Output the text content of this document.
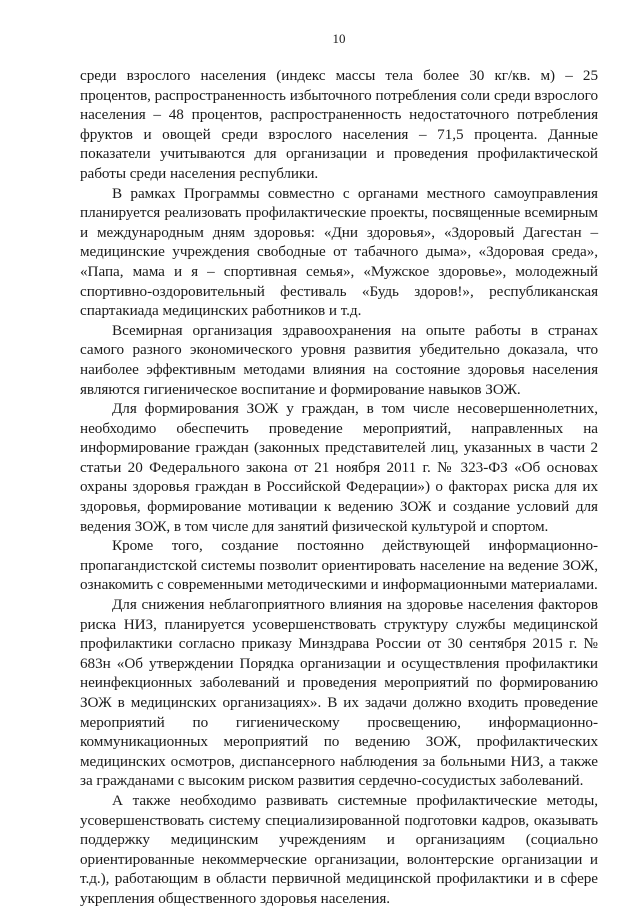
10

среди взрослого населения (индекс массы тела более 30 кг/кв. м) – 25 процентов, распространенность избыточного потребления соли среди взрослого населения – 48 процентов, распространенность недостаточного потребления фруктов и овощей среди взрослого населения – 71,5 процента. Данные показатели учитываются для организации и проведения профилактической работы среди населения республики.

В рамках Программы совместно с органами местного самоуправления планируется реализовать профилактические проекты, посвященные всемирным и международным дням здоровья: «Дни здоровья», «Здоровый Дагестан – медицинские учреждения свободные от табачного дыма», «Здоровая среда», «Папа, мама и я – спортивная семья», «Мужское здоровье», молодежный спортивно-оздоровительный фестиваль «Будь здоров!», республиканская спартакиада медицинских работников и т.д.

Всемирная организация здравоохранения на опыте работы в странах самого разного экономического уровня развития убедительно доказала, что наиболее эффективным методами влияния на состояние здоровья населения являются гигиеническое воспитание и формирование навыков ЗОЖ.

Для формирования ЗОЖ у граждан, в том числе несовершеннолетних, необходимо обеспечить проведение мероприятий, направленных на информирование граждан (законных представителей лиц, указанных в части 2 статьи 20 Федерального закона от 21 ноября 2011 г. № 323-ФЗ «Об основах охраны здоровья граждан в Российской Федерации») о факторах риска для их здоровья, формирование мотивации к ведению ЗОЖ и создание условий для ведения ЗОЖ, в том числе для занятий физической культурой и спортом.

Кроме того, создание постоянно действующей информационно-пропагандистской системы позволит ориентировать население на ведение ЗОЖ, ознакомить с современными методическими и информационными материалами.

Для снижения неблагоприятного влияния на здоровье населения факторов риска НИЗ, планируется усовершенствовать структуру службы медицинской профилактики согласно приказу Минздрава России от 30 сентября 2015 г. № 683н «Об утверждении Порядка организации и осуществления профилактики неинфекционных заболеваний и проведения мероприятий по формированию ЗОЖ в медицинских организациях». В их задачи должно входить проведение мероприятий по гигиеническому просвещению, информационно-коммуникационных мероприятий по ведению ЗОЖ, профилактических медицинских осмотров, диспансерного наблюдения за больными НИЗ, а также за гражданами с высоким риском развития сердечно-сосудистых заболеваний.

А также необходимо развивать системные профилактические методы, усовершенствовать систему специализированной подготовки кадров, оказывать поддержку медицинским учреждениям и организациям (социально ориентированные некоммерческие организации, волонтерские организации и т.д.), работающим в области первичной медицинской профилактики и в сфере укрепления общественного здоровья населения.
